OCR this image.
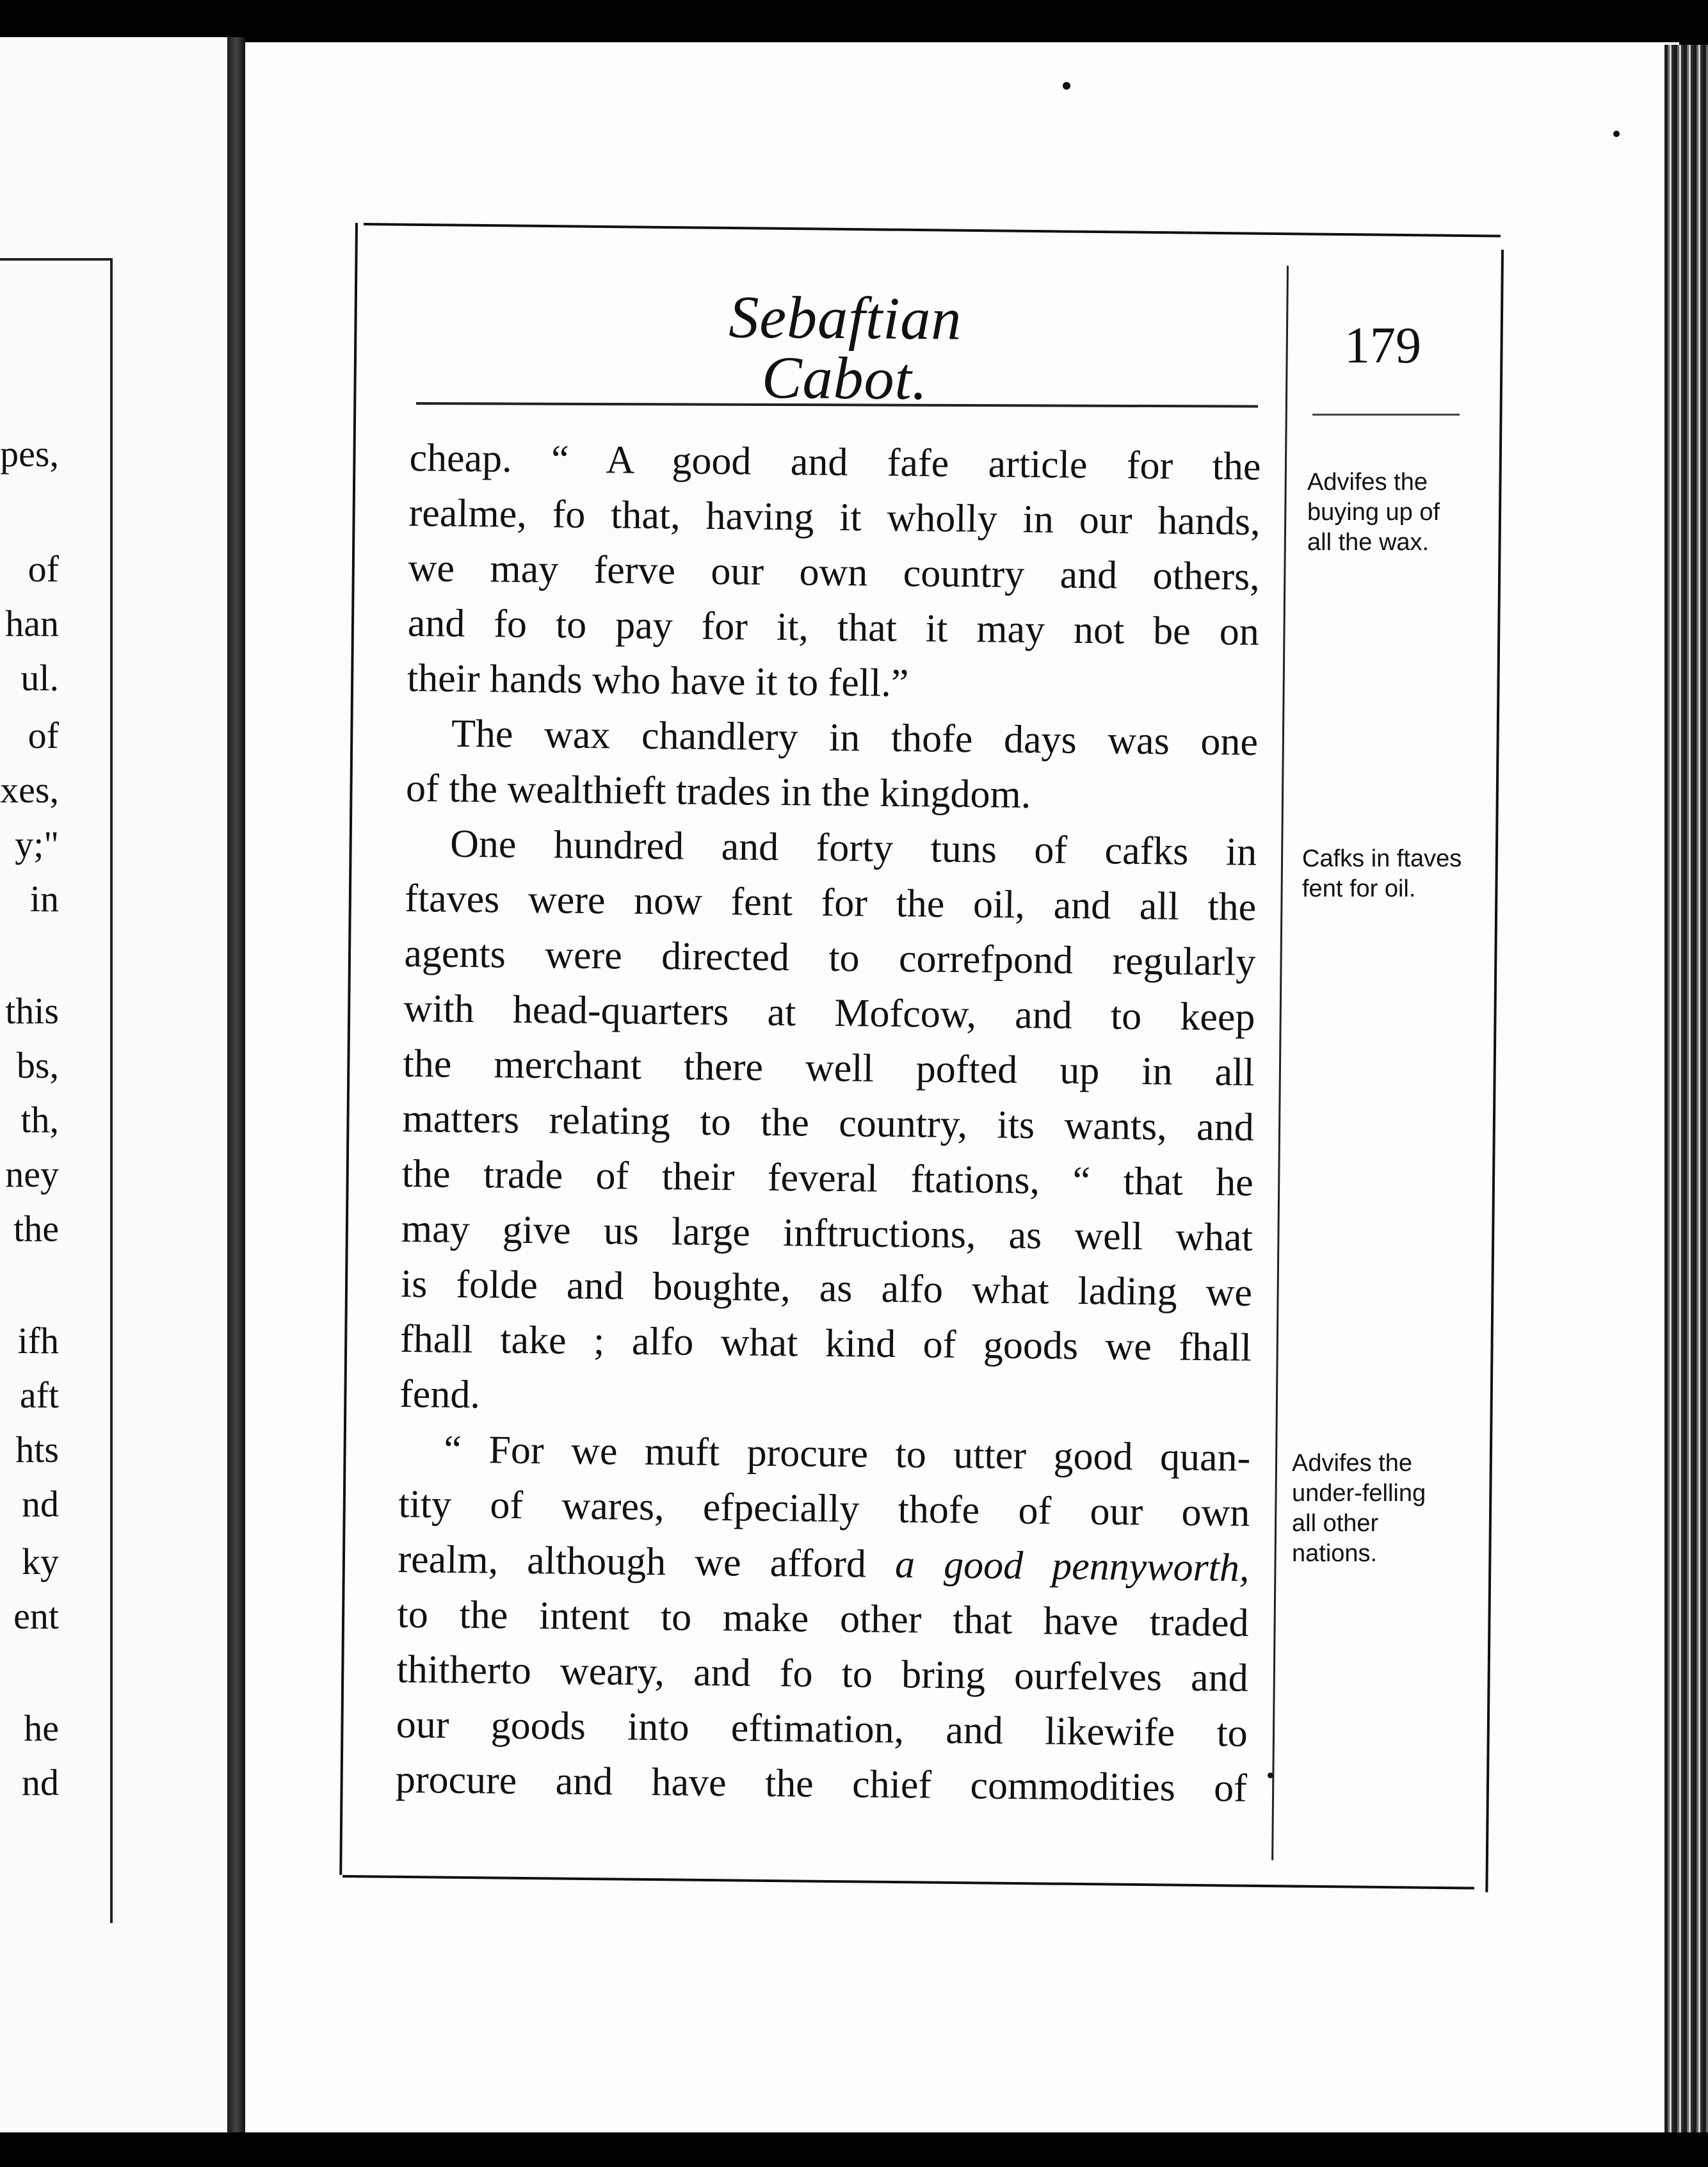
pes,
of
han
ul.
of
xes,
y;"
in
this
bs,
th,
ney
the
ifh
aft
hts
nd
ky
ent
he
nd
Sebaftian Cabot.	179
cheap. “ A good and fafe article for the
realme, fo that, having it wholly in our hands,
we may ferve our own country and others,
and fo to pay for it, that it may not be on
their hands who have it to fell.”
The wax chandlery in thofe days was one
of the wealthieft trades in the kingdom.
One hundred and forty tuns of cafks in
ftaves were now fent for the oil, and all the
agents were directed to correfpond regularly
with head-quarters at Mofcow, and to keep
the merchant there well pofted up in all
matters relating to the country, its wants, and
the trade of their feveral ftations, “ that he
may give us large inftructions, as well what
is folde and boughte, as alfo what lading we
fhall take ; alfo what kind of goods we fhall
fend.
“ For we muft procure to utter good quan-
tity of wares, efpecially thofe of our own
realm, although we afford a good pennyworth,
to the intent to make other that have traded
thitherto weary, and fo to bring ourfelves and
our goods into eftimation, and likewife to
procure and have the chief commodities of
Advifes the
buying up of
all the wax.
Cafks in ftaves
fent for oil.
Advifes the
under-felling
all other
nations.
